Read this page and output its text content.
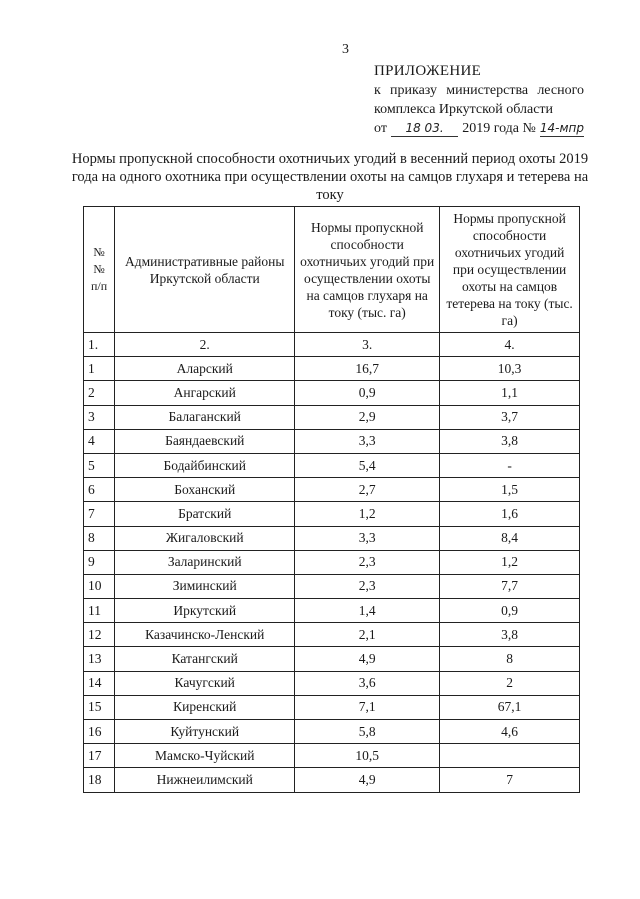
3
ПРИЛОЖЕНИЕ
к приказу министерства лесного
комплекса Иркутской области
от	18 03.	2019 года № 14-мпр
Нормы пропускной способности охотничьих угодий в весенний период охоты 2019 года на одного охотника при осуществлении охоты на самцов глухаря и тетерева на току
№№ п/п	Административные районы Иркутской области	Нормы пропускной способности охотничьих угодий при осуществлении охоты на самцов глухаря на току (тыс. га)	Нормы пропускной способности охотничьих угодий при осуществлении охоты на самцов тетерева на току (тыс. га)
1.	2.	3.	4.
1	Аларский	16,7	10,3
2	Ангарский	0,9	1,1
3	Балаганский	2,9	3,7
4	Баяндаевский	3,3	3,8
5	Бодайбинский	5,4	-
6	Боханский	2,7	1,5
7	Братский	1,2	1,6
8	Жигаловский	3,3	8,4
9	Заларинский	2,3	1,2
10	Зиминский	2,3	7,7
11	Иркутский	1,4	0,9
12	Казачинско-Ленский	2,1	3,8
13	Катангский	4,9	8
14	Качугский	3,6	2
15	Киренский	7,1	67,1
16	Куйтунский	5,8	4,6
17	Мамско-Чуйский	10,5	
18	Нижнеилимский	4,9	7
